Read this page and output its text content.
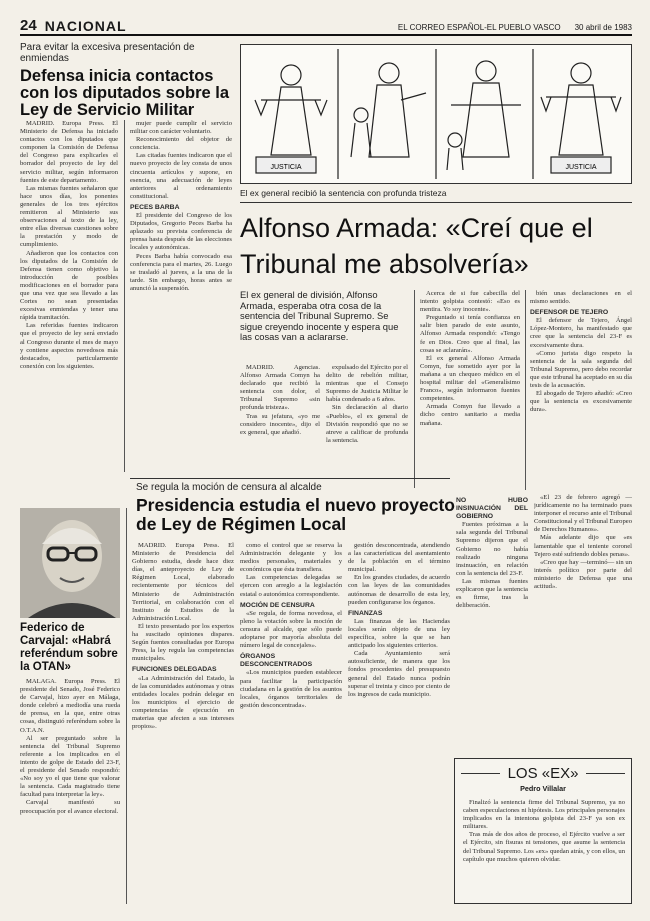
24 NACIONAL	EL CORREO ESPAÑOL-EL PUEBLO VASCO 30 abril de 1983
Para evitar la excesiva presentación de enmiendas
Defensa inicia contactos con los diputados sobre la Ley de Servicio Militar

MADRID. Europa Press. El Ministerio de Defensa ha iniciado contactos con los diputados que componen la Comisión de Defensa del Congreso para explicarles el borrador del proyecto de ley del servicio militar, según informaron fuentes de este departamento.

Las mismas fuentes señalaron que hace unos días, los ponentes generales de los tres ejércitos remitieron al Ministerio sus observaciones al texto de la ley, entre ellas diversas cuestiones sobre la prestación y modo de cumplimiento.

Añadieron que los contactos con los diputados de la Comisión de Defensa tienen como objetivo la introducción de posibles modificaciones en el borrador para que una vez que sea llevado a las Cortes no sean presentadas excesivas enmiendas y tener una rápida tramitación.

Las referidas fuentes indicaron que el proyecto de ley será enviado al Congreso durante el mes de mayo y contiene aspectos novedosos más destacados, particularmente conexión con los siguientes.

mujer puede cumplir el servicio militar con carácter voluntario.

Reconocimiento del objetor de conciencia.

Las citadas fuentes indicaron que el nuevo proyecto de ley consta de unos cincuenta artículos y supone, en esencia, una adecuación de leyes anteriores al ordenamiento constitucional.

PECES BARBA

El presidente del Congreso de los Diputados, Gregorio Peces Barba ha aplazado su prevista conferencia de prensa hasta después de las elecciones locales y autonómicas.

Peces Barba había convocado esa conferencia para el martes, 26. Luego se trasladó al jueves, a la una de la tarde. Sin embargo, horas antes se anunció la suspensión.

JUSTICIA	JUSTICIA
El ex general recibió la sentencia con profunda tristeza
Alfonso Armada: «Creí que el Tribunal me absolvería»
El ex general de división, Alfonso Armada, esperaba otra cosa de la sentencia del Tribunal Supremo. Se sigue creyendo inocente y espera que las cosas van a aclararse.

MADRID. Agencias. Alfonso Armada Comyn ha declarado que recibió la sentencia con dolor, el Tribunal Supremo «sin profunda tristeza».

Tras su jefatura, «yo me considero inocente», dijo el ex general, que añadió.

expulsado del Ejército por el delito de rebelión militar, mientras que el Consejo Supremo de Justicia Militar le había condenado a 6 años.

Sin declaración al diario «Pueblo», el ex general de División respondió que no se atreve a calificar de profunda la sentencia.

Acerca de si fue cabecilla del intento golpista contestó: «Eso es mentira. Yo soy inocente».

Preguntado si tenía confianza en salir bien parado de este asunto, Alfonso Armada respondió: «Tengo fe en Dios. Creo que al final, las cosas se aclararán».

El ex general Alfonso Armada Comyn, fue sometido ayer por la mañana a un chequeo médico en el hospital militar del «Generalísimo Franco», según informaron fuentes competentes.

Armada Comyn fue llevado a dicho centro sanitario a media mañana.

bién unas declaraciones en el mismo sentido.

DEFENSOR DE TEJERO

El defensor de Tejero, Ángel López-Montero, ha manifestado que cree que la sentencia del 23-F es excesivamente dura.

«Como jurista digo respeto la sentencia de la sala segunda del Tribunal Supremo, pero debo recordar que este tribunal ha aceptado en su día tesis de la acusación.

El abogado de Tejero añadió: «Creo que la sentencia es excesivamente dura».

Se regula la moción de censura al alcalde
Presidencia estudia el nuevo proyecto de Ley de Régimen Local
Federico de Carvajal: «Habrá referéndum sobre la OTAN»

MALAGA. Europa Press. El presidente del Senado, José Federico de Carvajal, hizo ayer en Málaga, donde celebró a mediodía una rueda de prensa, en la que, entre otras cosas, distinguió referéndum sobre la O.T.A.N.

Al ser preguntado sobre la sentencia del Tribunal Supremo referente a los implicados en el intento de golpe de Estado del 23-F, el presidente del Senado respondió: «No soy yo el que tiene que valorar la sentencia. Cada magistrado tiene facultad para interpretar la ley».

Carvajal manifestó su preocupación por el avance electoral.

MADRID. Europa Press. El Ministerio de Presidencia del Gobierno estudia, desde hace diez días, el anteproyecto de Ley de Régimen Local, elaborado recientemente por técnicos del Ministerio de Administración Territorial, en colaboración con el Instituto de Estudios de la Administración Local.

El texto presentado por los expertos ha suscitado opiniones dispares. Según fuentes consultadas por Europa Press, la ley regula las competencias municipales.

FUNCIONES DELEGADAS

«La Administración del Estado, la de las comunidades autónomas y otras entidades locales podrán delegar en los municipios el ejercicio de competencias de ejecución en materias que afecten a sus intereses propios».

como el control que se reserva la Administración delegante y los medios personales, materiales y económicos que ésta transfiera.

Las competencias delegadas se ejercen con arreglo a la legislación estatal o autonómica correspondiente.

MOCIÓN DE CENSURA

«Se regula, de forma novedosa, el pleno la votación sobre la moción de censura al alcalde, que sólo puede adoptarse por mayoría absoluta del número legal de concejales».

ÓRGANOS DESCONCENTRADOS

«Los municipios pueden establecer para facilitar la participación ciudadana en la gestión de los asuntos locales, órganos territoriales de gestión desconcentrada».

gestión desconcentrada, atendiendo a las características del asentamiento de la población en el término municipal.

En los grandes ciudades, de acuerdo con las leyes de las comunidades autónomas de desarrollo de esta ley, pueden configurarse los órganos.

FINANZAS

Las finanzas de las Haciendas locales serán objeto de una ley específica, sobre la que se han anticipado los siguientes criterios.

Cada Ayuntamiento será autosuficiente, de manera que los fondos procedentes del presupuesto general del Estado nunca podrán superar el treinta y cinco por ciento de los ingresos de cada municipio.

NO HUBO INSINUACIÓN DEL GOBIERNO

Fuentes próximas a la sala segunda del Tribunal Supremo dijeron que el Gobierno no había realizado ninguna insinuación, en relación con la sentencia del 23-F.

Las mismas fuentes explicaron que la sentencia es firme, tras la deliberación.

«El 23 de febrero agregó —jurídicamente no ha terminado pues interponer el recurso ante el Tribunal Constitucional y el Tribunal Europeo de Derechos Humanos».

Más adelante dijo que «es lamentable que el teniente coronel Tejero esté sufriendo dobles penas».

«Creo que hay —terminó— sin un interés político por parte del ministerio de Defensa que una actitud».

LOS «EX»
Pedro Villalar

Finalizó la sentencia firme del Tribunal Supremo, ya no caben especulaciones ni hipótesis. Los principales personajes implicados en la intentona golpista del 23-F ya son ex militares.

Tras más de dos años de proceso, el Ejército vuelve a ser el Ejército, sin fisuras ni tensiones, que asume la sentencia del Tribunal Supremo. Los «ex» quedan atrás, y con ellos, un capítulo que muchos quieren olvidar.
